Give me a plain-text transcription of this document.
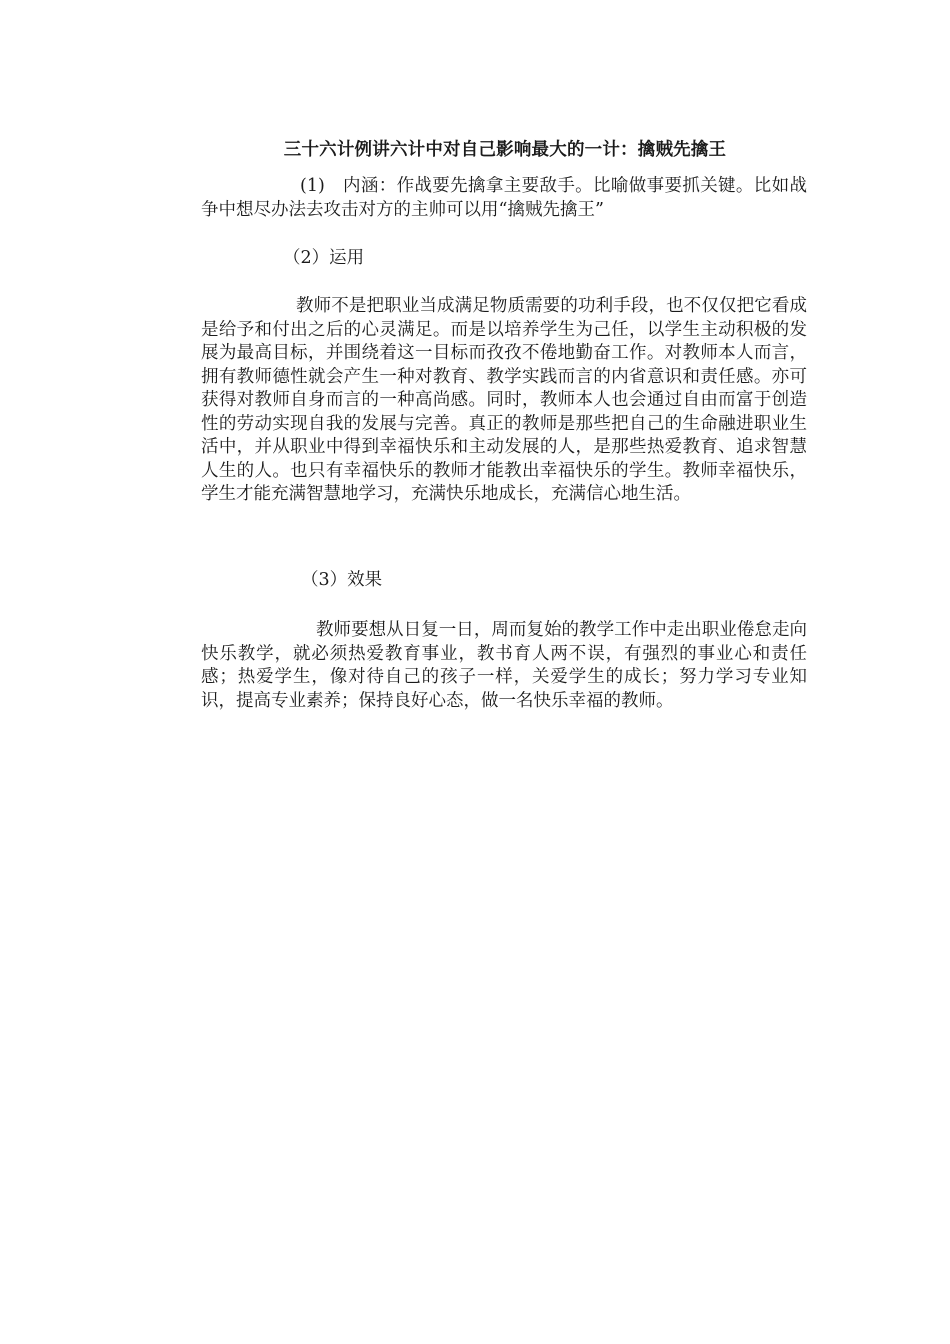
三十六计例讲六计中对自己影响最大的一计：擒贼先擒王

(1)　内涵：作战要先擒拿主要敌手。比喻做事要抓关键。比如战争中想尽办法去攻击对方的主帅可以用“擒贼先擒王”

（2）运用

教师不是把职业当成满足物质需要的功利手段，也不仅仅把它看成是给予和付出之后的心灵满足。而是以培养学生为己任，以学生主动积极的发展为最高目标，并围绕着这一目标而孜孜不倦地勤奋工作。对教师本人而言，拥有教师德性就会产生一种对教育、教学实践而言的内省意识和责任感。亦可获得对教师自身而言的一种高尚感。同时，教师本人也会通过自由而富于创造性的劳动实现自我的发展与完善。真正的教师是那些把自己的生命融进职业生活中，并从职业中得到幸福快乐和主动发展的人，是那些热爱教育、追求智慧人生的人。也只有幸福快乐的教师才能教出幸福快乐的学生。教师幸福快乐，学生才能充满智慧地学习，充满快乐地成长，充满信心地生活。

（3）效果

教师要想从日复一日，周而复始的教学工作中走出职业倦怠走向快乐教学，就必须热爱教育事业，教书育人两不误，有强烈的事业心和责任感；热爱学生，像对待自己的孩子一样，关爱学生的成长；努力学习专业知识，提高专业素养；保持良好心态，做一名快乐幸福的教师。
